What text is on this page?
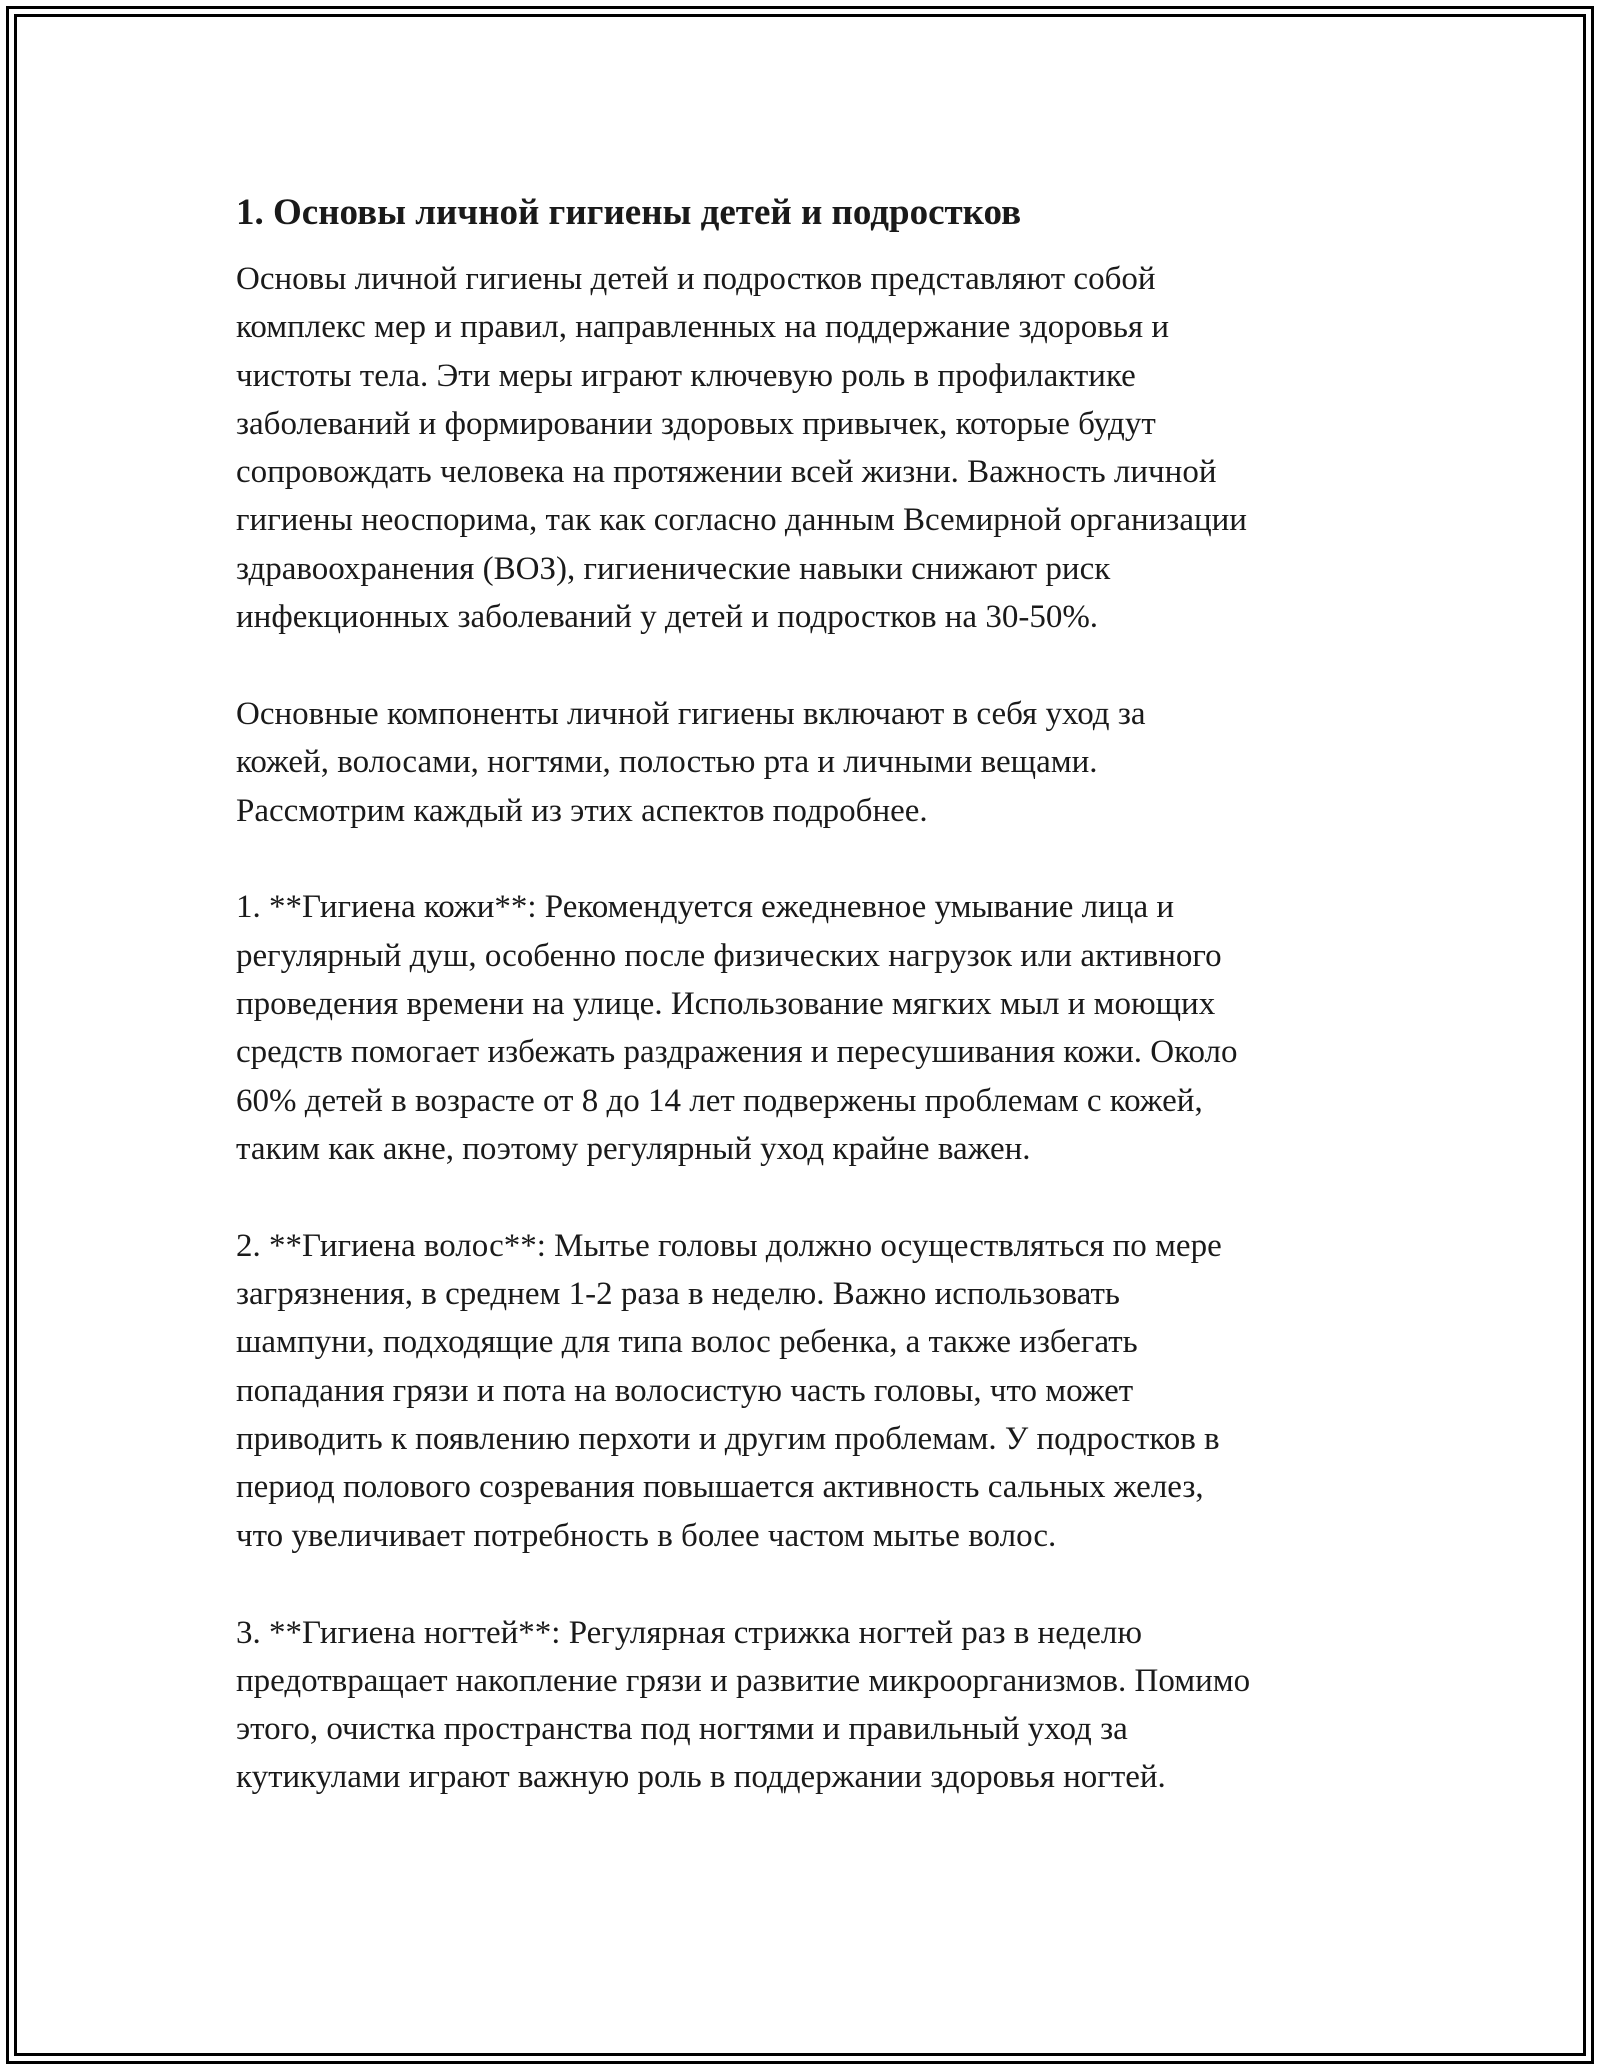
1. Основы личной гигиены детей и подростков

Основы личной гигиены детей и подростков представляют собой
комплекс мер и правил, направленных на поддержание здоровья и
чистоты тела. Эти меры играют ключевую роль в профилактике
заболеваний и формировании здоровых привычек, которые будут
сопровождать человека на протяжении всей жизни. Важность личной
гигиены неоспорима, так как согласно данным Всемирной организации
здравоохранения (ВОЗ), гигиенические навыки снижают риск
инфекционных заболеваний у детей и подростков на 30-50%.

Основные компоненты личной гигиены включают в себя уход за
кожей, волосами, ногтями, полостью рта и личными вещами.
Рассмотрим каждый из этих аспектов подробнее.

1. **Гигиена кожи**: Рекомендуется ежедневное умывание лица и
регулярный душ, особенно после физических нагрузок или активного
проведения времени на улице. Использование мягких мыл и моющих
средств помогает избежать раздражения и пересушивания кожи. Около
60% детей в возрасте от 8 до 14 лет подвержены проблемам с кожей,
таким как акне, поэтому регулярный уход крайне важен.

2. **Гигиена волос**: Мытье головы должно осуществляться по мере
загрязнения, в среднем 1-2 раза в неделю. Важно использовать
шампуни, подходящие для типа волос ребенка, а также избегать
попадания грязи и пота на волосистую часть головы, что может
приводить к появлению перхоти и другим проблемам. У подростков в
период полового созревания повышается активность сальных желез,
что увеличивает потребность в более частом мытье волос.

3. **Гигиена ногтей**: Регулярная стрижка ногтей раз в неделю
предотвращает накопление грязи и развитие микроорганизмов. Помимо
этого, очистка пространства под ногтями и правильный уход за
кутикулами играют важную роль в поддержании здоровья ногтей.
